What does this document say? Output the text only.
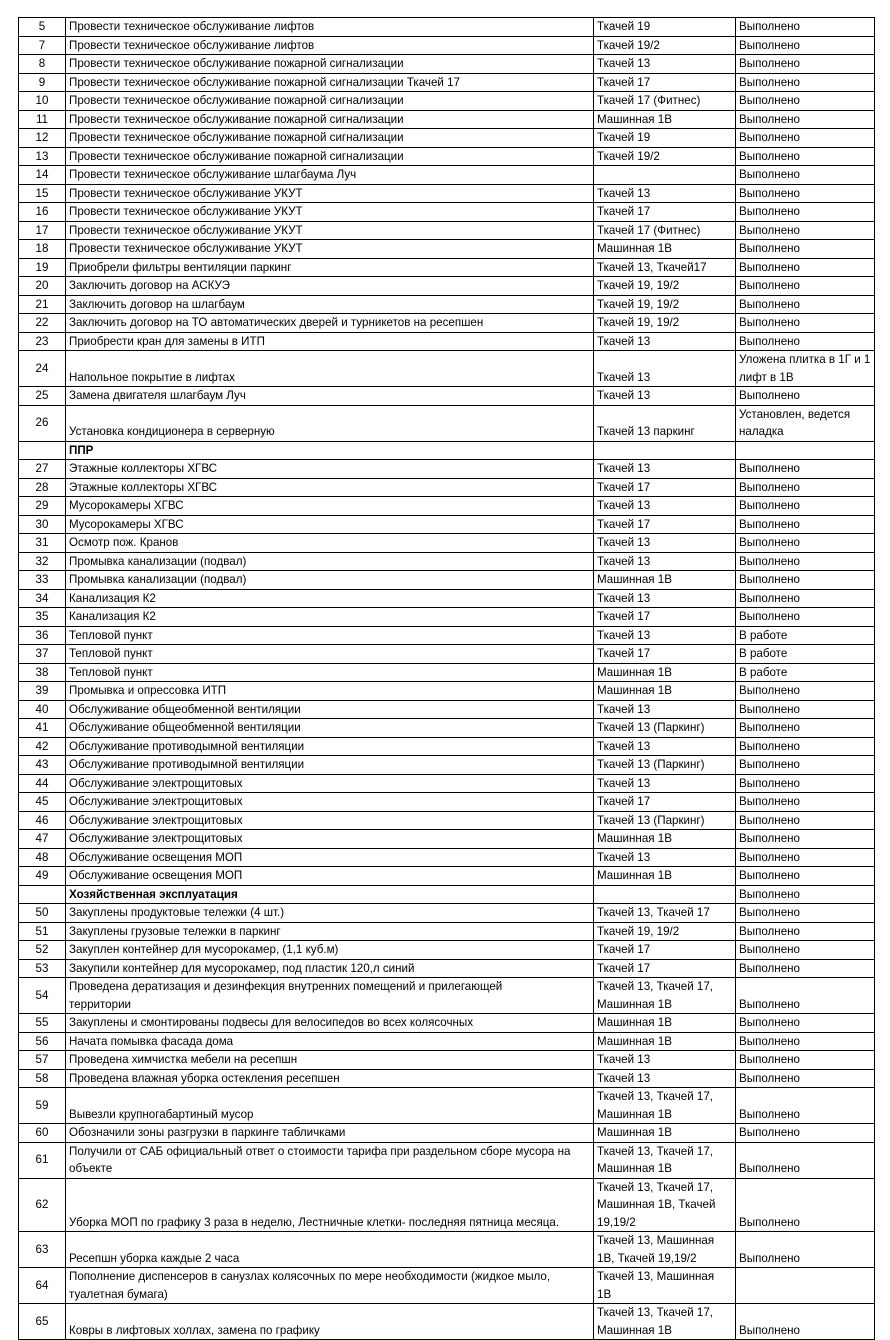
5	Провести техническое обслуживание лифтов	Ткачей 19	Выполнено
7	Провести техническое обслуживание лифтов	Ткачей 19/2	Выполнено
8	Провести техническое обслуживание пожарной сигнализации	Ткачей 13	Выполнено
9	Провести техническое обслуживание пожарной сигнализации Ткачей 17	Ткачей 17	Выполнено
10	Провести техническое обслуживание пожарной сигнализации	Ткачей 17 (Фитнес)	Выполнено
11	Провести техническое обслуживание пожарной сигнализации	Машинная 1В	Выполнено
12	Провести техническое обслуживание пожарной сигнализации	Ткачей 19	Выполнено
13	Провести техническое обслуживание пожарной сигнализации	Ткачей 19/2	Выполнено
14	Провести техническое обслуживание шлагбаума Луч		Выполнено
15	Провести техническое обслуживание УКУТ	Ткачей 13	Выполнено
16	Провести техническое обслуживание УКУТ	Ткачей 17	Выполнено
17	Провести техническое обслуживание УКУТ	Ткачей 17 (Фитнес)	Выполнено
18	Провести техническое обслуживание УКУТ	Машинная 1В	Выполнено
19	Приобрели фильтры вентиляции паркинг	Ткачей 13, Ткачей17	Выполнено
20	Заключить договор на АСКУЭ	Ткачей 19, 19/2	Выполнено
21	Заключить договор на шлагбаум	Ткачей 19, 19/2	Выполнено
22	Заключить договор на ТО автоматических дверей и турникетов на ресепшен	Ткачей 19, 19/2	Выполнено
23	Приобрести кран для замены в ИТП	Ткачей 13	Выполнено
24	Напольное покрытие в лифтах	Ткачей 13	Уложена плитка в 1Г и 1 лифт в 1В
25	Замена двигателя шлагбаум Луч	Ткачей 13	Выполнено
26	Установка кондиционера в серверную	Ткачей 13 паркинг	Установлен, ведется наладка
	ППР		
27	Этажные коллекторы ХГВС	Ткачей 13	Выполнено
28	Этажные коллекторы ХГВС	Ткачей 17	Выполнено
29	Мусорокамеры ХГВС	Ткачей 13	Выполнено
30	Мусорокамеры ХГВС	Ткачей 17	Выполнено
31	Осмотр пож. Кранов	Ткачей 13	Выполнено
32	Промывка канализации (подвал)	Ткачей 13	Выполнено
33	Промывка канализации (подвал)	Машинная 1В	Выполнено
34	Канализация К2	Ткачей 13	Выполнено
35	Канализация К2	Ткачей 17	Выполнено
36	Тепловой пункт	Ткачей 13	В работе
37	Тепловой пункт	Ткачей 17	В работе
38	Тепловой пункт	Машинная 1В	В работе
39	Промывка и опрессовка ИТП	Машинная 1В	Выполнено
40	Обслуживание общеобменной вентиляции	Ткачей 13	Выполнено
41	Обслуживание общеобменной вентиляции	Ткачей 13 (Паркинг)	Выполнено
42	Обслуживание противодымной вентиляции	Ткачей 13	Выполнено
43	Обслуживание противодымной вентиляции	Ткачей 13 (Паркинг)	Выполнено
44	Обслуживание электрощитовых	Ткачей 13	Выполнено
45	Обслуживание электрощитовых	Ткачей 17	Выполнено
46	Обслуживание электрощитовых	Ткачей 13 (Паркинг)	Выполнено
47	Обслуживание электрощитовых	Машинная 1В	Выполнено
48	Обслуживание освещения МОП	Ткачей 13	Выполнено
49	Обслуживание освещения МОП	Машинная 1В	Выполнено
	Хозяйственная эксплуатация		Выполнено
50	Закуплены продуктовые тележки (4 шт.)	Ткачей 13, Ткачей 17	Выполнено
51	Закуплены грузовые тележки в паркинг	Ткачей 19, 19/2	Выполнено
52	Закуплен контейнер для мусорокамер, (1,1 куб.м)	Ткачей 17	Выполнено
53	Закупили контейнер для мусорокамер, под пластик 120,л синий	Ткачей 17	Выполнено
54	Проведена дератизация и дезинфекция внутренних помещений и прилегающей
территории	Ткачей 13, Ткачей 17,
Машинная 1В	Выполнено
55	Закуплены и смонтированы подвесы для велосипедов во всех колясочных	Машинная 1В	Выполнено
56	Начата помывка фасада дома	Машинная 1В	Выполнено
57	Проведена химчистка мебели на ресепшн	Ткачей 13	Выполнено
58	Проведена влажная уборка остекления ресепшен	Ткачей 13	Выполнено
59	Вывезли крупногабартиный мусор	Ткачей 13, Ткачей 17,
Машинная 1В	Выполнено
60	Обозначили зоны разгрузки в паркинге табличками	Машинная 1В	Выполнено
61	Получили от САБ официальный ответ о стоимости тарифа при раздельном сборе мусора на
объекте	Ткачей 13, Ткачей 17,
Машинная 1В	Выполнено
62	Уборка МОП по графику 3 раза в неделю, Лестничные клетки- последняя пятница месяца.	Ткачей 13, Ткачей 17,
Машинная 1В, Ткачей
19,19/2	Выполнено
63	Ресепшн уборка каждые 2 часа	Ткачей 13, Машинная
1В, Ткачей 19,19/2	Выполнено
64	Пополнение диспенсеров в санузлах колясочных по мере необходимости (жидкое мыло,
туалетная бумага)	Ткачей 13, Машинная
1В	
65	Ковры в лифтовых холлах, замена по графику	Ткачей 13, Ткачей 17,
Машинная 1В	Выполнено
